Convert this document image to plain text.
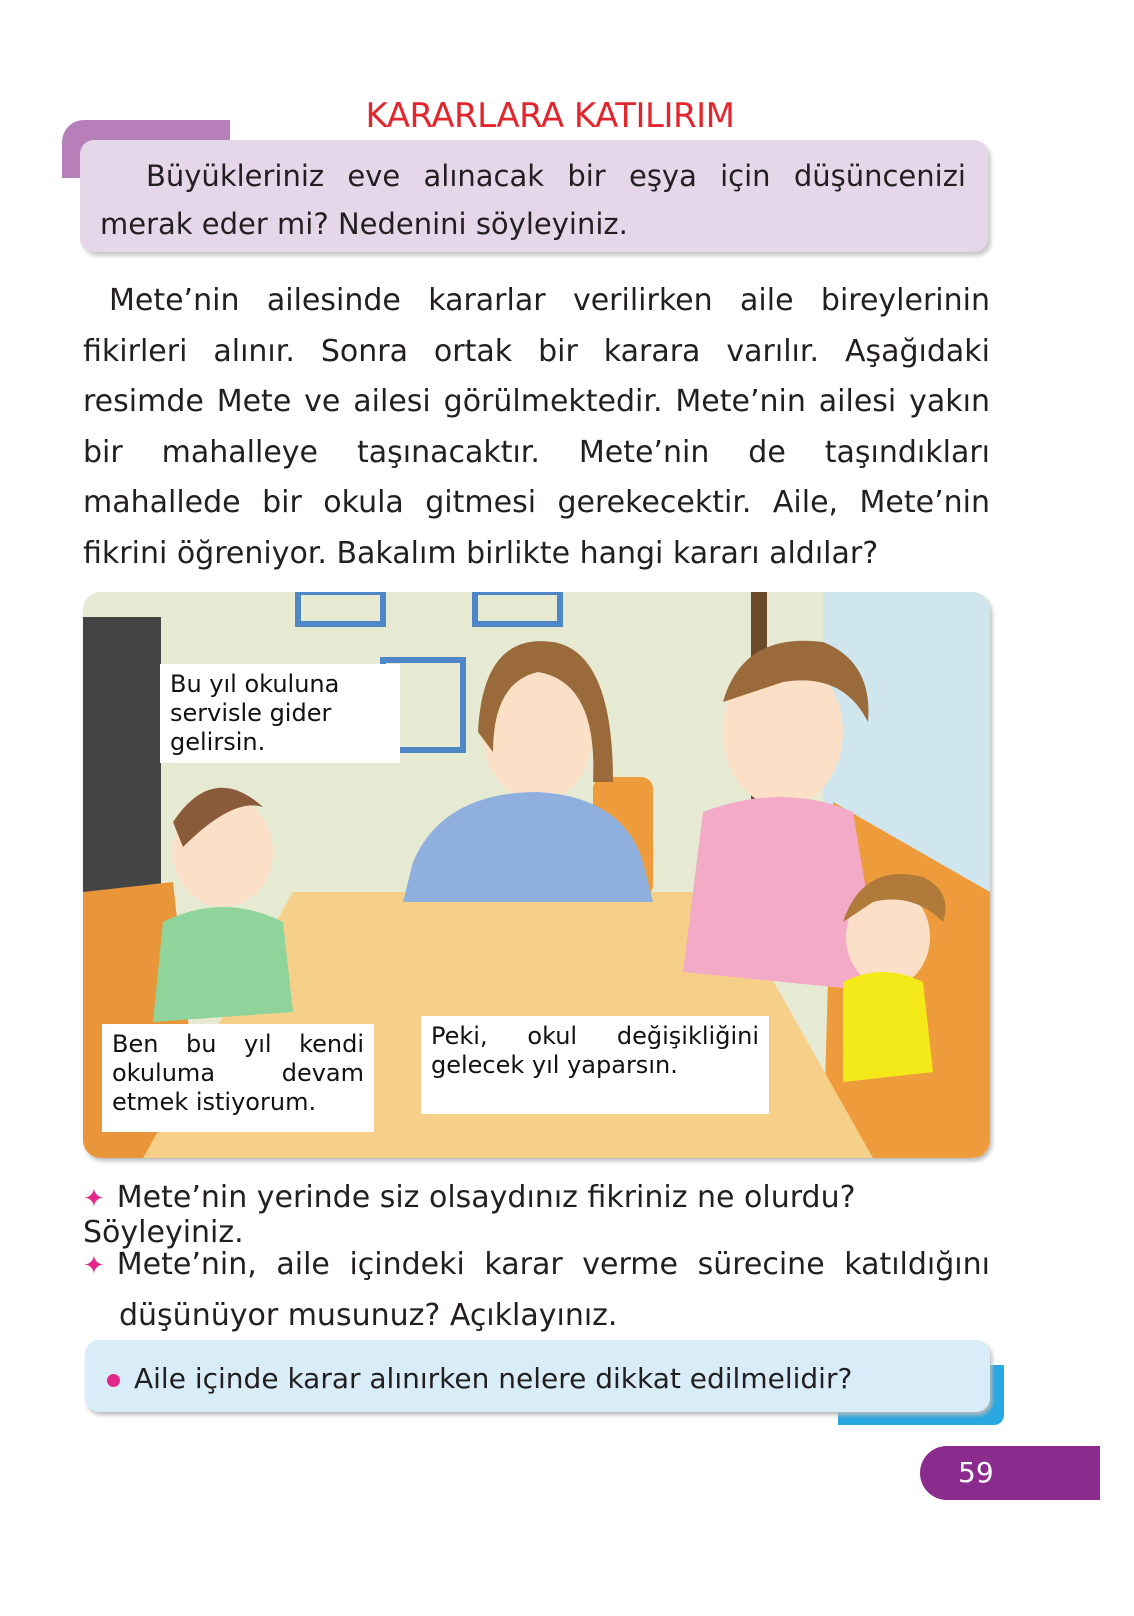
KARARLARA KATILIRIM

Büyükleriniz eve alınacak bir eşya için düşüncenizi merak eder mi? Nedenini söyleyiniz.

Mete’nin ailesinde kararlar verilirken aile bireylerinin fikirleri alınır. Sonra ortak bir karara varılır. Aşağıdaki resimde Mete ve ailesi görülmektedir. Mete’nin ailesi yakın bir mahalleye taşınacaktır. Mete’nin de taşındıkları mahallede bir okula gitmesi gerekecektir. Aile, Mete’nin fikrini öğreniyor. Bakalım birlikte hangi kararı aldılar?

Bu yıl okuluna servisle gider gelirsin.
Ben bu yıl kendi okuluma devam etmek istiyorum.
Peki, okul değişikliğini gelecek yıl yaparsın.
✦ Mete’nin yerinde siz olsaydınız fikriniz ne olurdu? Söyleyiniz.
✦ Mete’nin, aile içindeki karar verme sürecine katıldığını düşünüyor musunuz? Açıklayınız.
Aile içinde karar alınırken nelere dikkat edilmelidir?
59
